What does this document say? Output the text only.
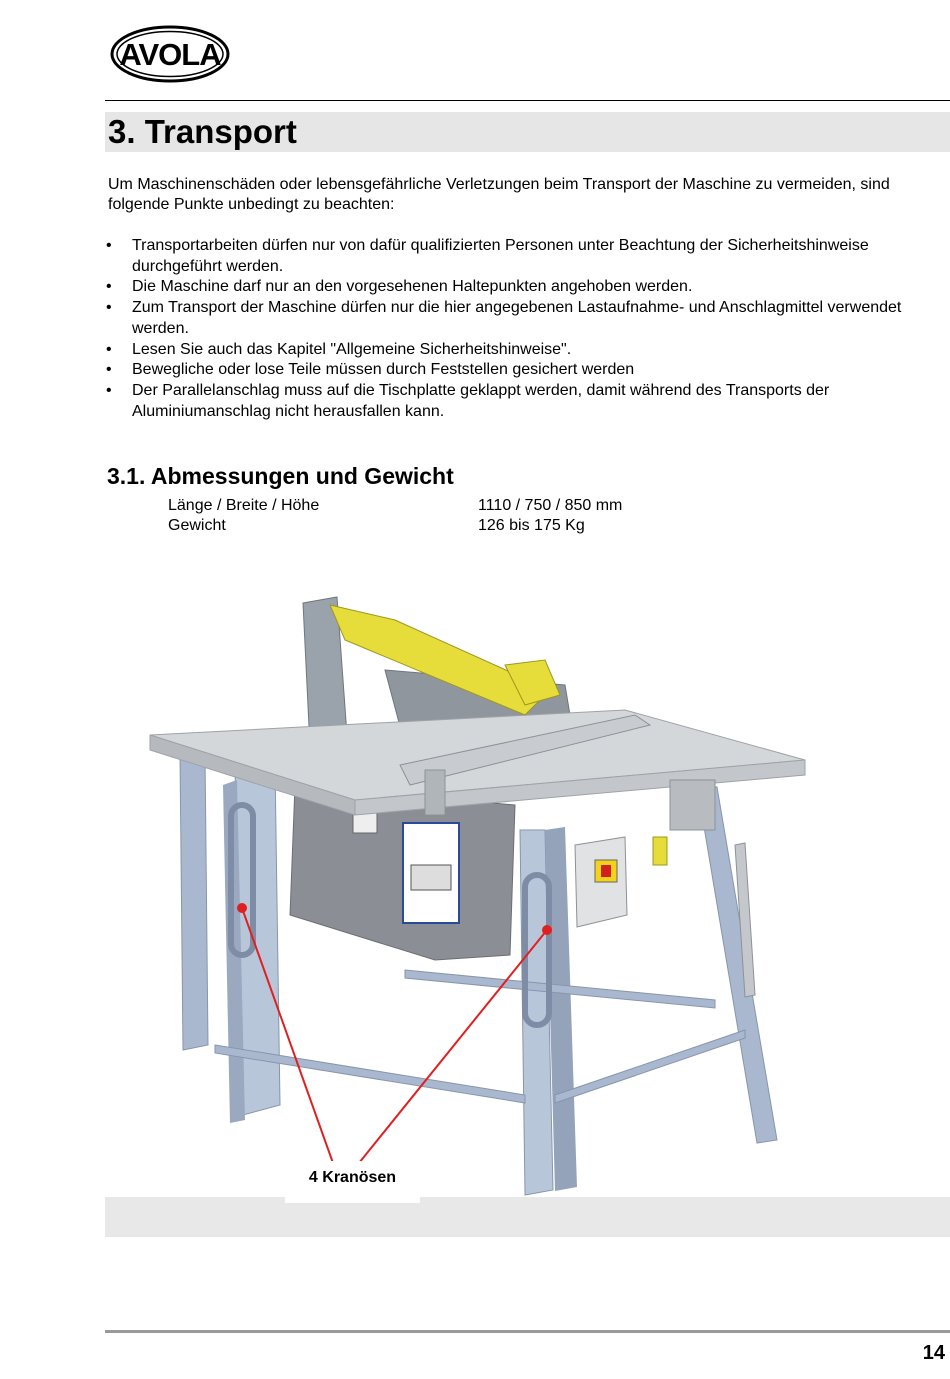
AVOLA
3. Transport

Um Maschinenschäden oder lebensgefährliche Verletzungen beim Transport der Maschine zu vermeiden, sind folgende Punkte unbedingt zu beachten:

• Transportarbeiten dürfen nur von dafür qualifizierten Personen unter Beachtung der Sicherheitshinweise durchgeführt werden.
• Die Maschine darf nur an den vorgesehenen Haltepunkten angehoben werden.
• Zum Transport der Maschine dürfen nur die hier angegebenen Lastaufnahme- und Anschlagmittel verwendet werden.
• Lesen Sie auch das Kapitel "Allgemeine Sicherheitshinweise".
• Bewegliche oder lose Teile müssen durch Feststellen gesichert werden
• Der Parallelanschlag muss auf die Tischplatte geklappt werden, damit während des Transports der Aluminiumanschlag nicht herausfallen kann.
3.1. Abmessungen und Gewicht
Länge / Breite / Höhe	1110 / 750 / 850 mm
Gewicht	126 bis 175 Kg
4 Kranösen
14
